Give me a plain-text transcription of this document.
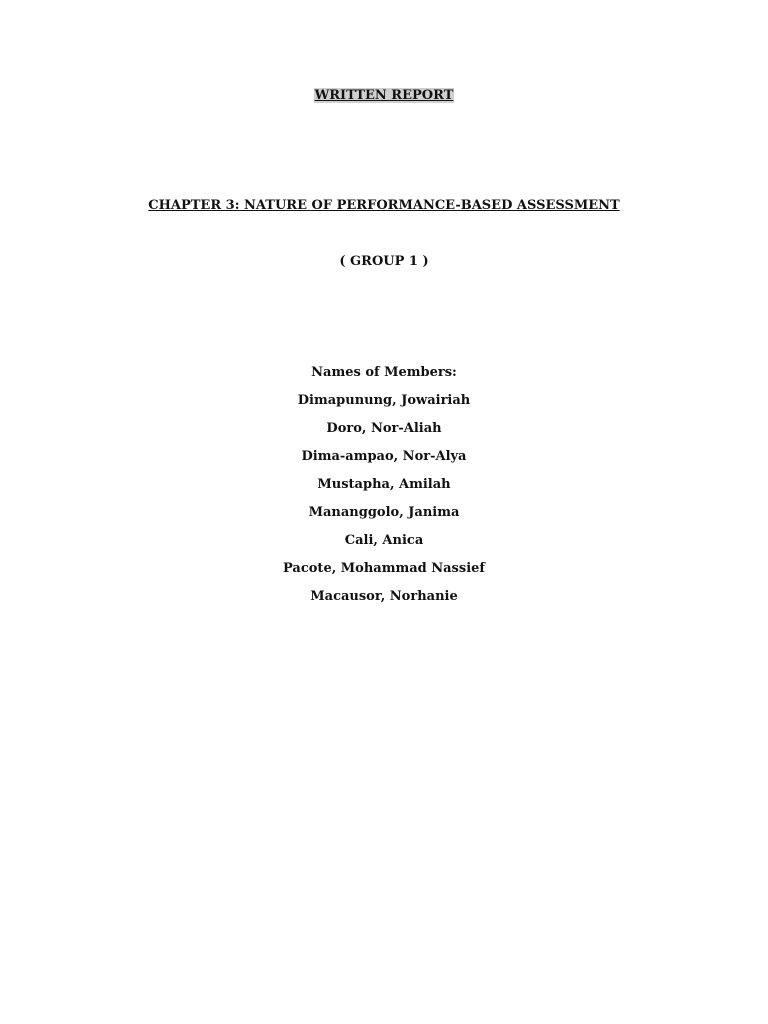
WRITTEN REPORT
CHAPTER 3: NATURE OF PERFORMANCE-BASED ASSESSMENT
( GROUP 1 )
Names of Members:
Dimapunung, Jowairiah
Doro, Nor-Aliah
Dima-ampao, Nor-Alya
Mustapha, Amilah
Mananggolo, Janima
Cali, Anica
Pacote, Mohammad Nassief
Macausor, Norhanie
